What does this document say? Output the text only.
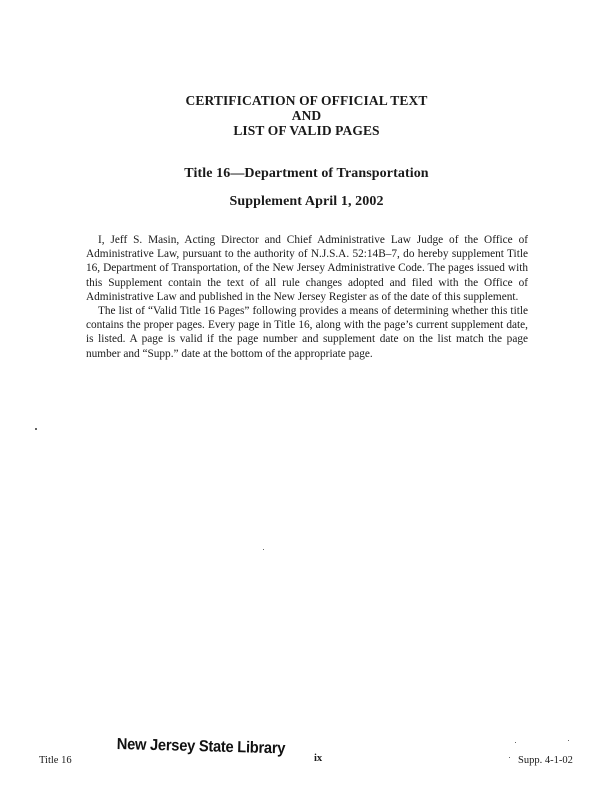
CERTIFICATION OF OFFICIAL TEXT
AND
LIST OF VALID PAGES
Title 16—Department of Transportation
Supplement April 1, 2002

I, Jeff S. Masin, Acting Director and Chief Administrative Law Judge of the Office of Administrative Law, pursuant to the authority of N.J.S.A. 52:14B–7, do hereby supplement Title 16, Department of Transportation, of the New Jersey Administrative Code. The pages issued with this Supplement contain the text of all rule changes adopted and filed with the Office of Administrative Law and published in the New Jersey Register as of the date of this supplement.

The list of “Valid Title 16 Pages” following provides a means of determining whether this title contains the proper pages. Every page in Title 16, along with the page’s current supplement date, is listed. A page is valid if the page number and supplement date on the list match the page number and “Supp.” date at the bottom of the appropriate page.

Title 16
New Jersey State Library
ix	Supp. 4-1-02
